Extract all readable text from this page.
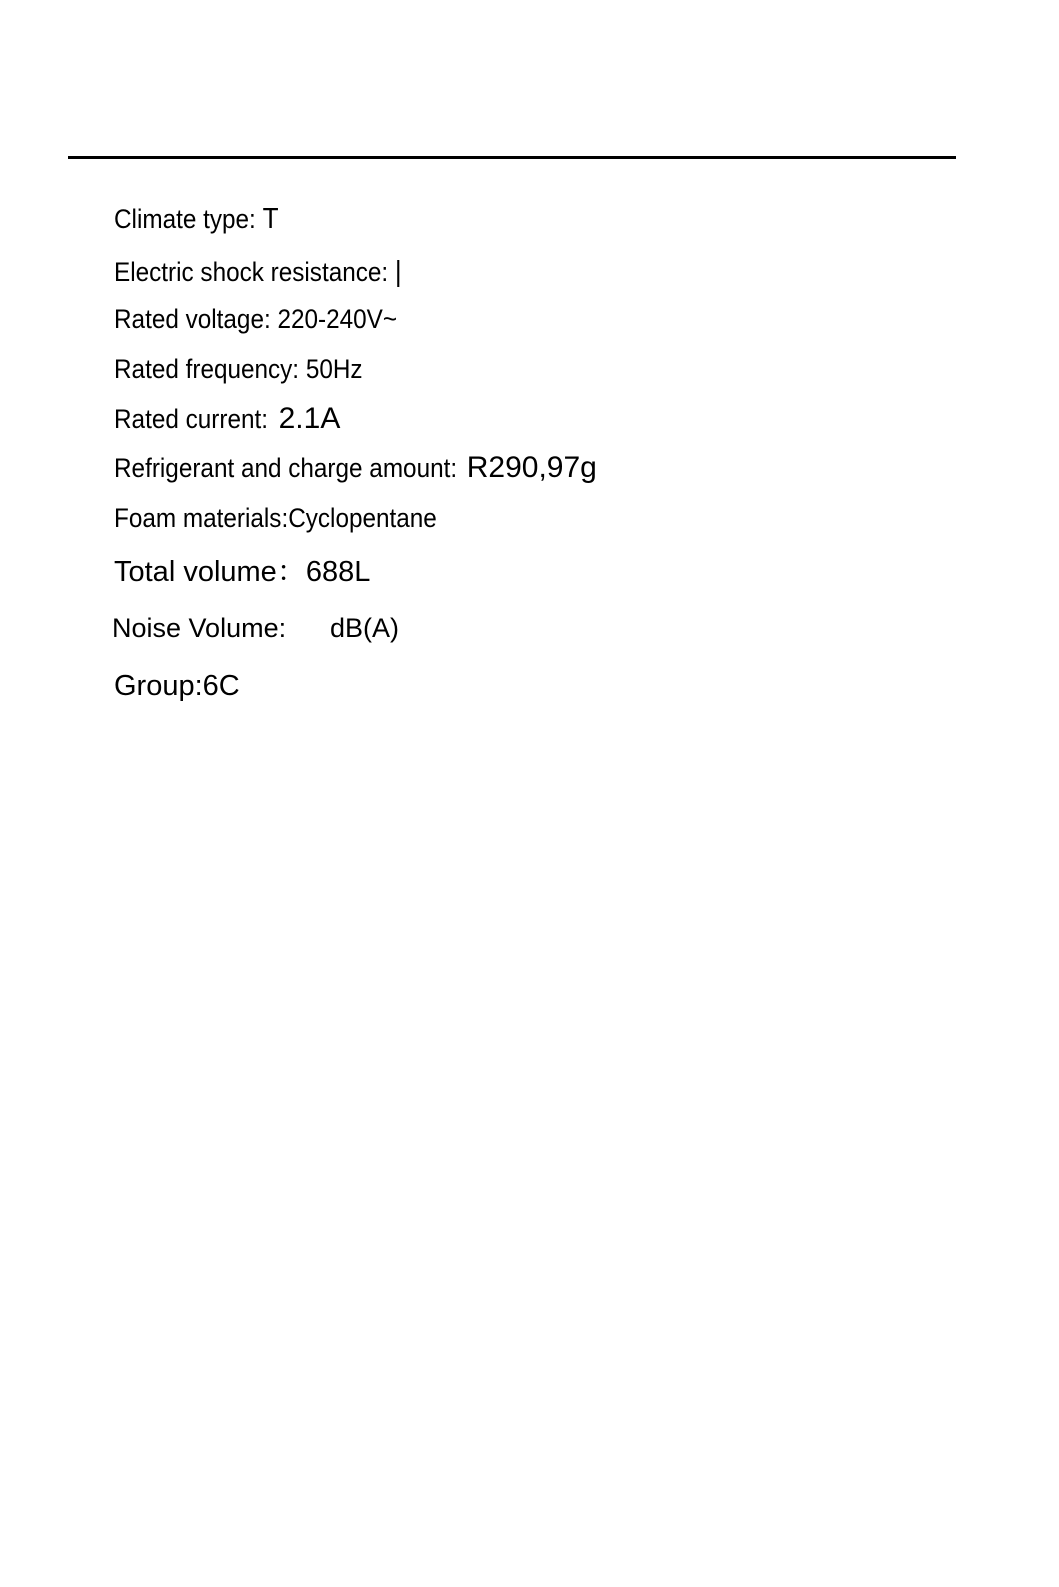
Climate type: T

Electric shock resistance: |

Rated voltage: 220-240V~

Rated frequency: 50Hz

Rated current: 2.1A

Refrigerant and charge amount: R290,97g

Foam materials:Cyclopentane

Total volume：688L

Noise Volume: dB(A)

Group:6C
